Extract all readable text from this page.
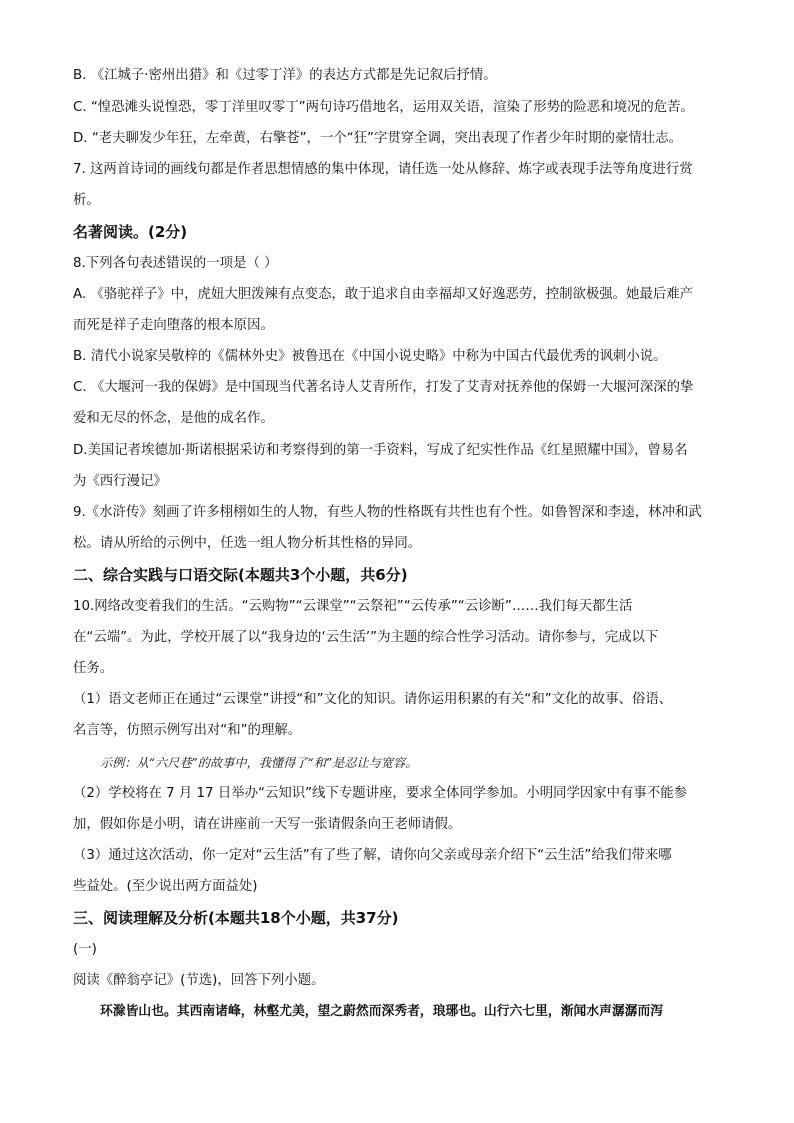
B. 《江城子·密州出猎》和《过零丁洋》的表达方式都是先记叙后抒情。
C. “惶恐滩头说惶恐，零丁洋里叹零丁”两句诗巧借地名，运用双关语，渲染了形势的险恶和境况的危苦。
D. “老夫聊发少年狂，左牵黄，右擎苍”，一个“狂”字贯穿全调，突出表现了作者少年时期的豪情壮志。
7. 这两首诗词的画线句都是作者思想情感的集中体现，请任选一处从修辞、炼字或表现手法等角度进行赏
析。
名著阅读。(2分)
8.下列各句表述错误的一项是（ ）
A. 《骆驼祥子》中，虎妞大胆泼辣有点变态，敢于追求自由幸福却又好逸恶劳，控制欲极强。她最后难产
而死是祥子走向堕落的根本原因。
B. 清代小说家吴敬梓的《儒林外史》被鲁迅在《中国小说史略》中称为中国古代最优秀的讽刺小说。
C. 《大堰河一我的保姆》是中国现当代著名诗人艾青所作，打发了艾青对抚养他的保姆一大堰河深深的挚
爱和无尽的怀念，是他的成名作。
D.美国记者埃德加·斯诺根据采访和考察得到的第一手资料，写成了纪实性作品《红星照耀中国》，曾易名
为《西行漫记》
9.《水浒传》刻画了许多栩栩如生的人物，有些人物的性格既有共性也有个性。如鲁智深和李逵，林冲和武
松。请从所给的示例中，任选一组人物分析其性格的异同。
二、综合实践与口语交际(本题共3个小题，共6分)
10.网络改变着我们的生活。“云购物”“云课堂”“云祭祀”“云传承”“云诊断”……我们每天都生活
在“云端”。为此，学校开展了以“我身边的‘云生活’”为主题的综合性学习活动。请你参与，完成以下
任务。
（1）语文老师正在通过“云课堂”讲授“和”文化的知识。请你运用积累的有关“和”文化的故事、俗语、
名言等，仿照示例写出对“和”的理解。
示例：从“六尺巷”的故事中，我懂得了“和”是忍让与宽容。
（2）学校将在 7 月 17 日举办“云知识”线下专题讲座，要求全体同学参加。小明同学因家中有事不能参
加，假如你是小明，请在讲座前一天写一张请假条向王老师请假。
（3）通过这次活动，你一定对“云生活”有了些了解，请你向父亲或母亲介绍下“云生活”给我们带来哪
些益处。(至少说出两方面益处)
三、阅读理解及分析(本题共18个小题，共37分)
(一)
阅读《醉翁亭记》(节选)，回答下列小题。
环滁皆山也。其西南诸峰，林壑尤美，望之蔚然而深秀者，琅琊也。山行六七里，渐闻水声潺潺而泻
